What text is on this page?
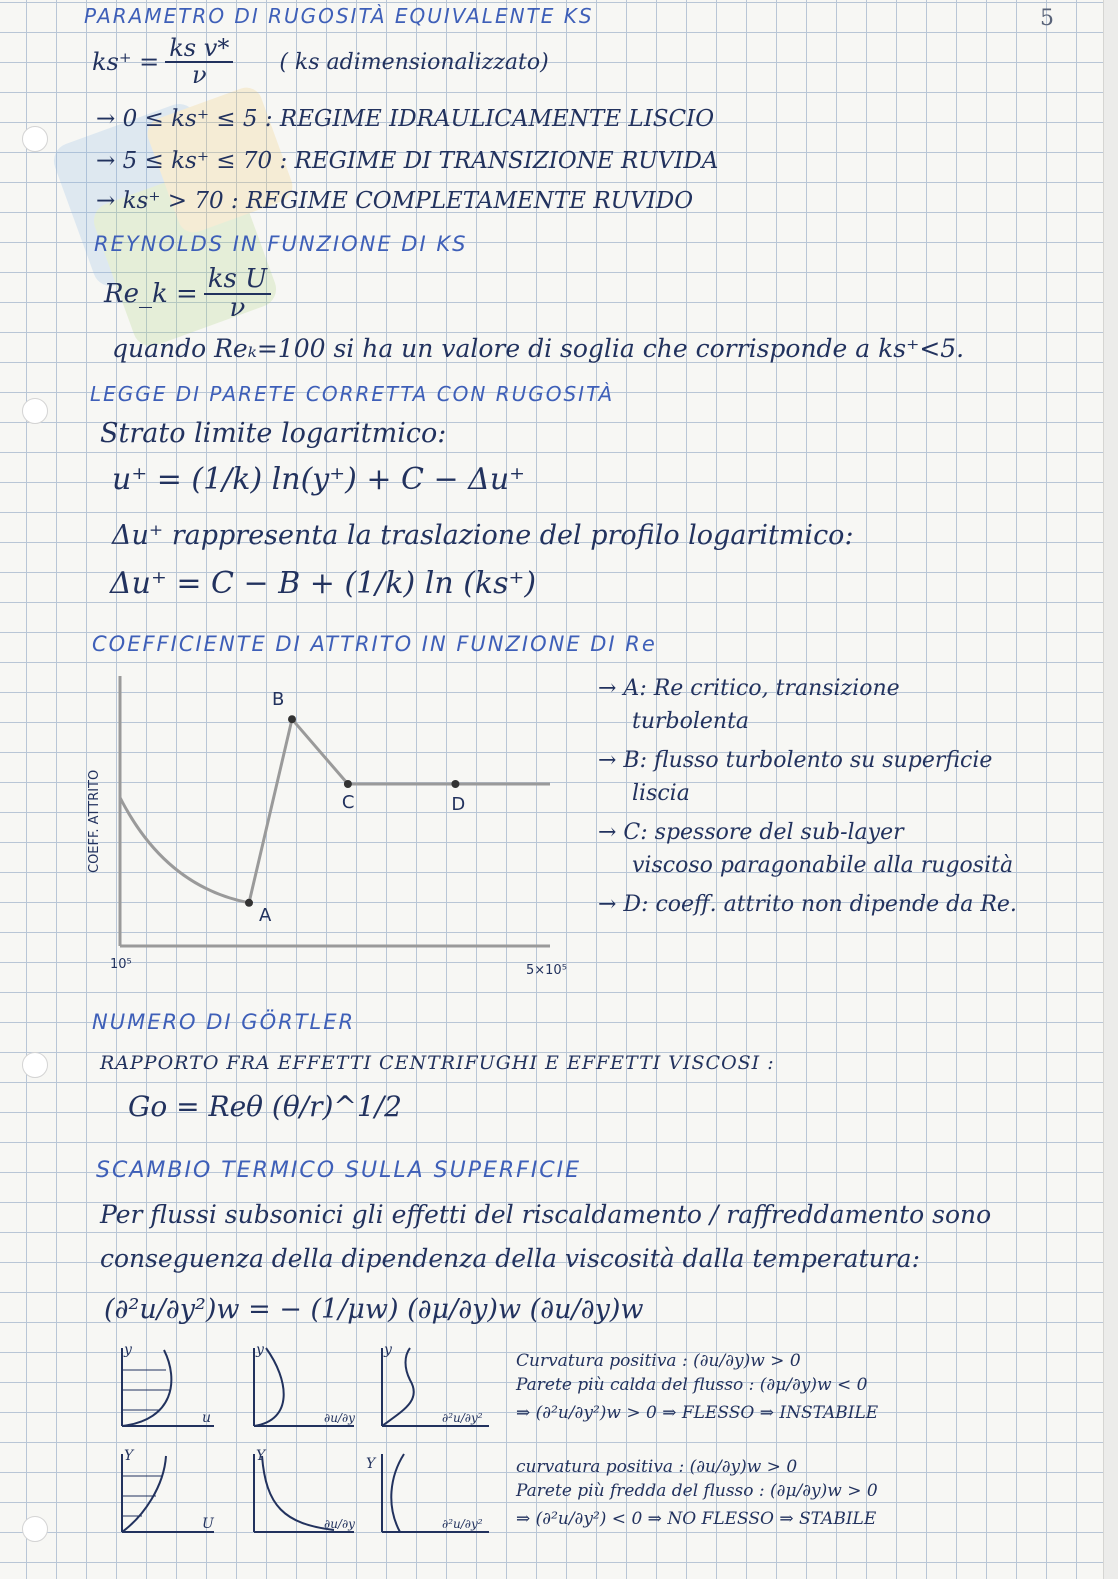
5
PARAMETRO DI RUGOSITÀ EQUIVALENTE KS
$ks^+ = \frac{\text{ks v*}}{\nu}$ ( ks adimensionalizzato)
→ 0 ≤ ks⁺ ≤ 5 : REGIME IDRAULICAMENTE LISCIO
→ 5 ≤ ks⁺ ≤ 70 : REGIME DI TRANSIZIONE RUVIDA
→ ks⁺ > 70 : REGIME COMPLETAMENTE RUVIDO
REYNOLDS IN FUNZIONE DI KS
Re_k = $\frac{\text{ks U}}{\nu}$
quando Reₖ=100 si ha un valore di soglia che corrisponde a ks⁺<5.
LEGGE DI PARETE CORRETTA CON RUGOSITÀ
Strato limite logaritmico:
u⁺ = (1/k) ln(y⁺) + C − Δu⁺
Δu⁺ rappresenta la traslazione del profilo logaritmico:
Δu⁺ = C − B + (1/k) ln (ks⁺)
COEFFICIENTE DI ATTRITO IN FUNZIONE DI Re
COEFF. ATTRITO
10⁵	5×10⁵
A
B
C	D
→ A: Re critico, transizione
turbolenta
→ B: flusso turbolento su superficie
liscia
→ C: spessore del sub-layer
viscoso paragonabile alla rugosità
→ D: coeff. attrito non dipende da Re.
NUMERO DI GÖRTLER
RAPPORTO FRA EFFETTI CENTRIFUGHI E EFFETTI VISCOSI :
Go = Reθ (θ/r)^1/2
SCAMBIO TERMICO SULLA SUPERFICIE
Per flussi subsonici gli effetti del riscaldamento / raffreddamento sono
conseguenza della dipendenza della viscosità dalla temperatura:
(∂²u/∂y²)w = − (1/μw) (∂μ/∂y)w (∂u/∂y)w
y
u
y
∂u/∂y
y
∂²u/∂y²
Y
U
Y
∂u/∂y
Y
∂²u/∂y²
Curvatura positiva : (∂u/∂y)w > 0
Parete più calda del flusso : (∂μ/∂y)w < 0
⇒ (∂²u/∂y²)w > 0 ⇒ FLESSO ⇒ INSTABILE
curvatura positiva : (∂u/∂y)w > 0
Parete più fredda del flusso : (∂μ/∂y)w > 0
⇒ (∂²u/∂y²) < 0 ⇒ NO FLESSO ⇒ STABILE
